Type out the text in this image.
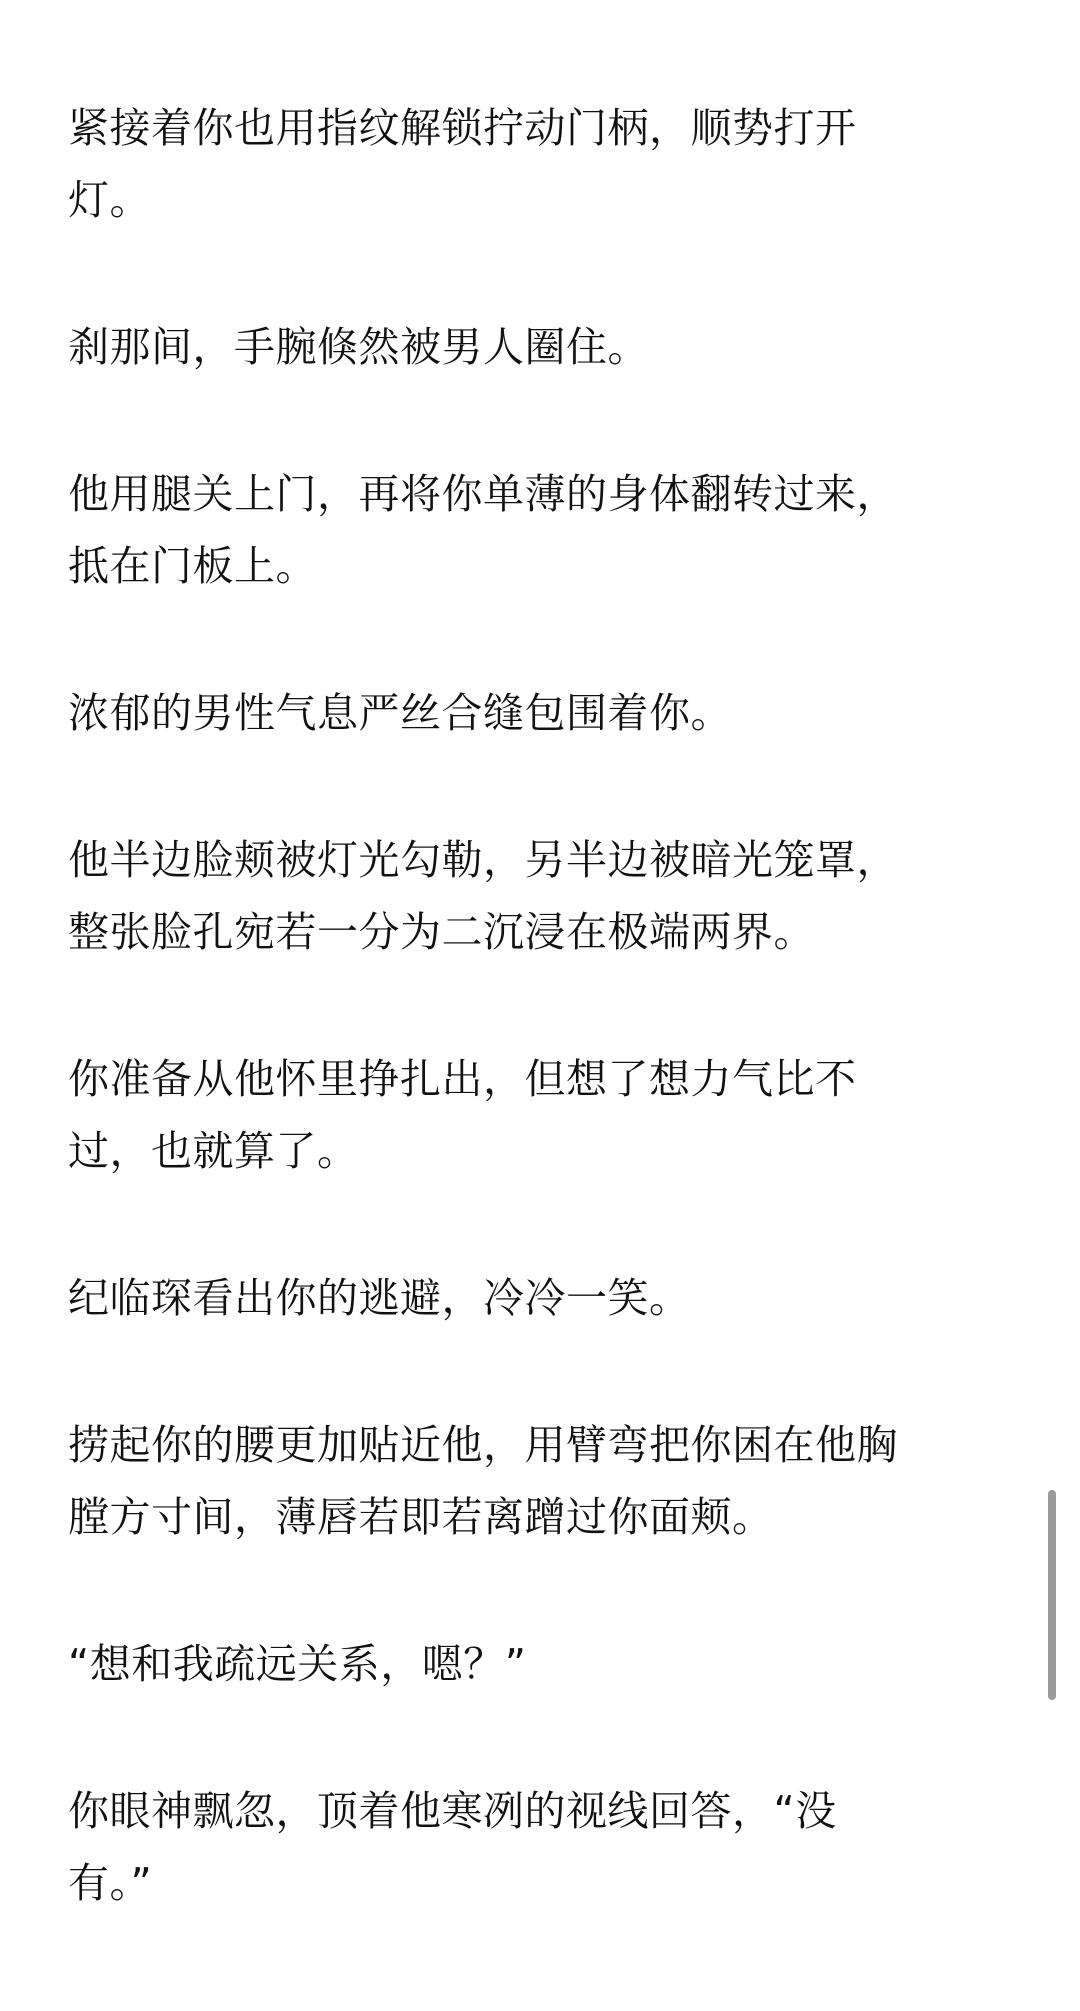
紧接着你也用指纹解锁拧动门柄，顺势打开
灯。

刹那间，手腕倏然被男人圈住。

他用腿关上门，再将你单薄的身体翻转过来，
抵在门板上。

浓郁的男性气息严丝合缝包围着你。

他半边脸颊被灯光勾勒，另半边被暗光笼罩，
整张脸孔宛若一分为二沉浸在极端两界。

你准备从他怀里挣扎出，但想了想力气比不
过，也就算了。

纪临琛看出你的逃避，冷冷一笑。

捞起你的腰更加贴近他，用臂弯把你困在他胸
膛方寸间，薄唇若即若离蹭过你面颊。

“想和我疏远关系，嗯？”

你眼神飘忽，顶着他寒冽的视线回答，“没
有。”
